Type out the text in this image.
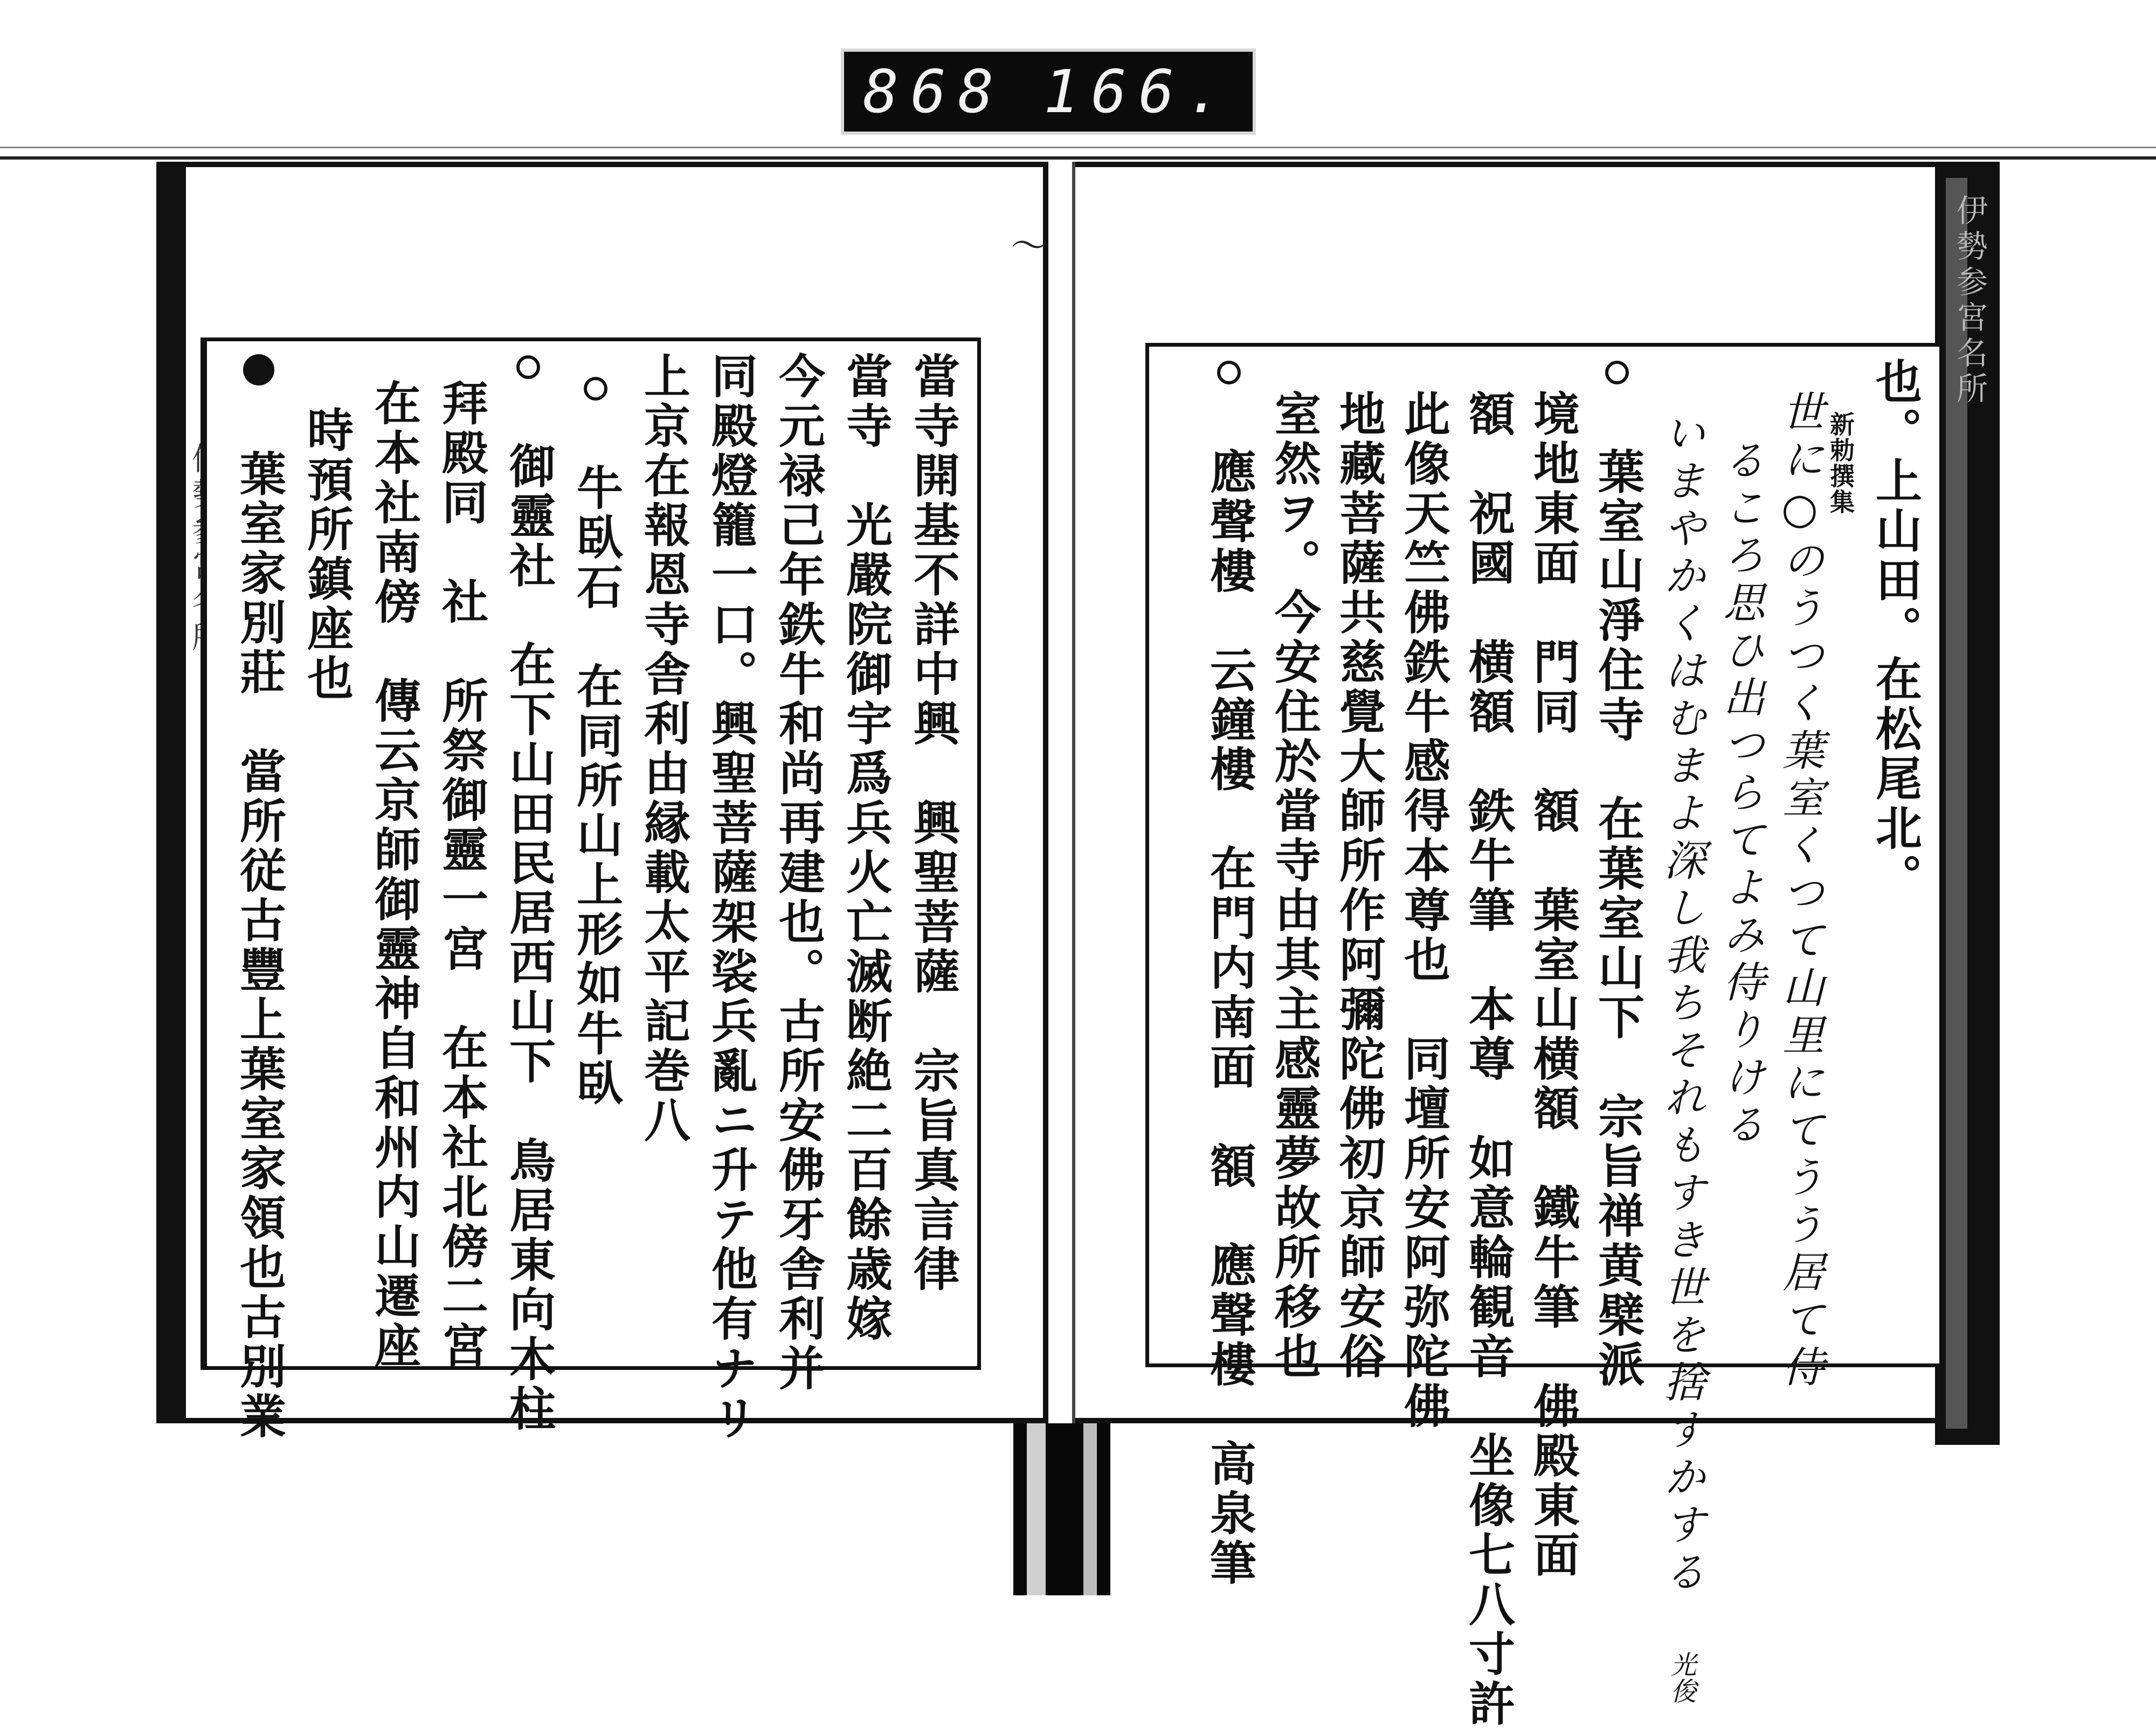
868 166.
〜	伊勢参宮名所
當寺開基不詳中興　興聖菩薩　宗旨真言律
當寺　光嚴院御宇爲兵火亡滅断絶二百餘歳嫁
今元禄己年鉄牛和尚再建也。古所安佛牙舎利并
同殿燈籠一口。興聖菩薩架裟兵亂ニ升テ他有ナリ
上京在報恩寺舎利由縁載太平記巻八
牛臥石　在同所山上形如牛臥
御靈社　在下山田民居西山下　鳥居東向木柱
拜殿同　社　所祭御靈一宮　在本社北傍二宮
在本社南傍　傳云京師御靈神自和州内山遷座
時預所鎮座也
葉室家別莊　當所従古豐上葉室家領也古別業	也。上山田。在松尾北。
新勅撰集
世に○のうつく葉室くつて山里にてうう居て侍
るころ思ひ出つらてよみ侍りける
いまやかくはむまよ深し我ちそれもすき世を捨すかする 光俊
葉室山淨住寺　在葉室山下　宗旨禅黄檗派
境地東面　門同　額　葉室山横額　鐵牛筆　佛殿東面
額　祝國　横額　鉄牛筆　本尊　如意輪観音　坐像七八寸許
此像天竺佛鉄牛感得本尊也　同壇所安阿弥陀佛
地藏菩薩共慈覺大師所作阿彌陀佛初京師安俗
室然ヲ。今安住於當寺由其主感靈夢故所移也
應聲樓　云鐘樓　在門内南面　額　應聲樓　高泉筆
